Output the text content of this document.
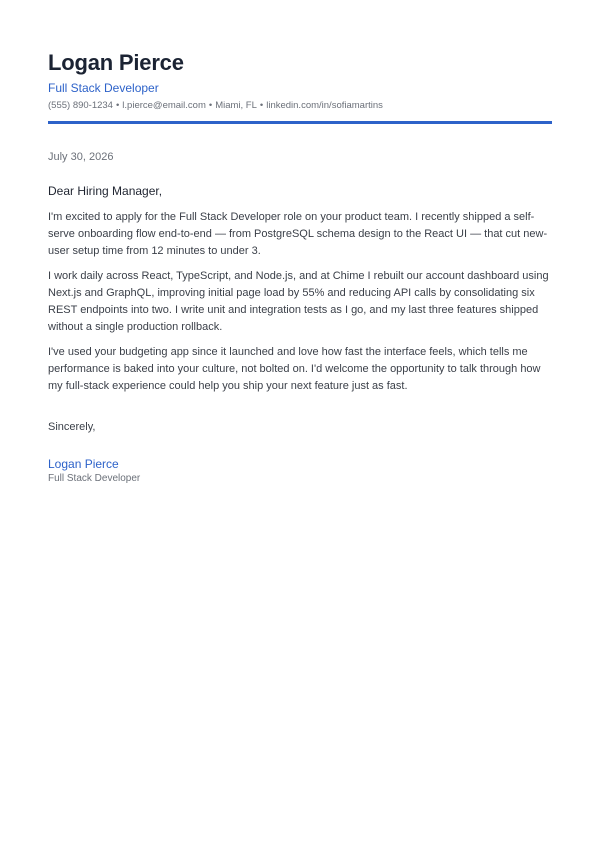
Logan Pierce
Full Stack Developer
(555) 890-1234 • l.pierce@email.com • Miami, FL • linkedin.com/in/sofiamartins
July 30, 2026
Dear Hiring Manager,

I'm excited to apply for the Full Stack Developer role on your product team. I recently shipped a self-serve onboarding flow end-to-end — from PostgreSQL schema design to the React UI — that cut new-user setup time from 12 minutes to under 3.

I work daily across React, TypeScript, and Node.js, and at Chime I rebuilt our account dashboard using Next.js and GraphQL, improving initial page load by 55% and reducing API calls by consolidating six REST endpoints into two. I write unit and integration tests as I go, and my last three features shipped without a single production rollback.

I've used your budgeting app since it launched and love how fast the interface feels, which tells me performance is baked into your culture, not bolted on. I'd welcome the opportunity to talk through how my full-stack experience could help you ship your next feature just as fast.

Sincerely,
Logan Pierce
Full Stack Developer
